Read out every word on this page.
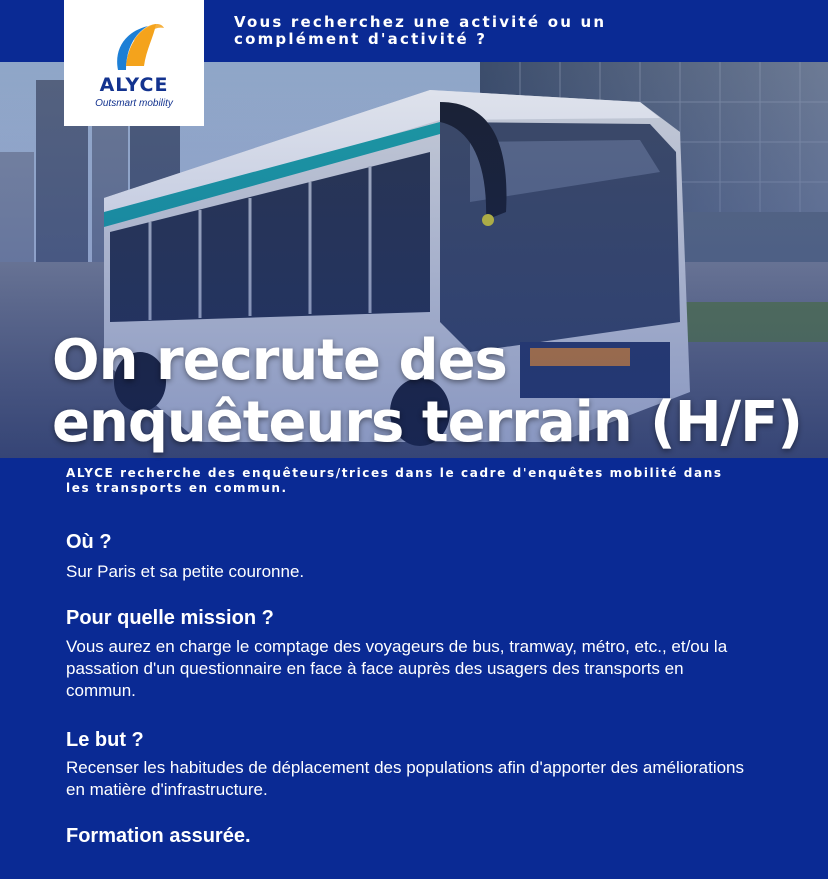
Vous recherchez une activité ou un
complément d'activité ?
ALYCE
Outsmart mobility
On recrute des
enquêteurs terrain (H/F)
ALYCE recherche des enquêteurs/trices dans le cadre d'enquêtes mobilité dans
les transports en commun.
Où ?

Sur Paris et sa petite couronne.

Pour quelle mission ?

Vous aurez en charge le comptage des voyageurs de bus, tramway, métro, etc., et/ou la
passation d'un questionnaire en face à face auprès des usagers des transports en
commun.

Le but ?

Recenser les habitudes de déplacement des populations afin d'apporter des améliorations
en matière d'infrastructure.

Formation assurée.
